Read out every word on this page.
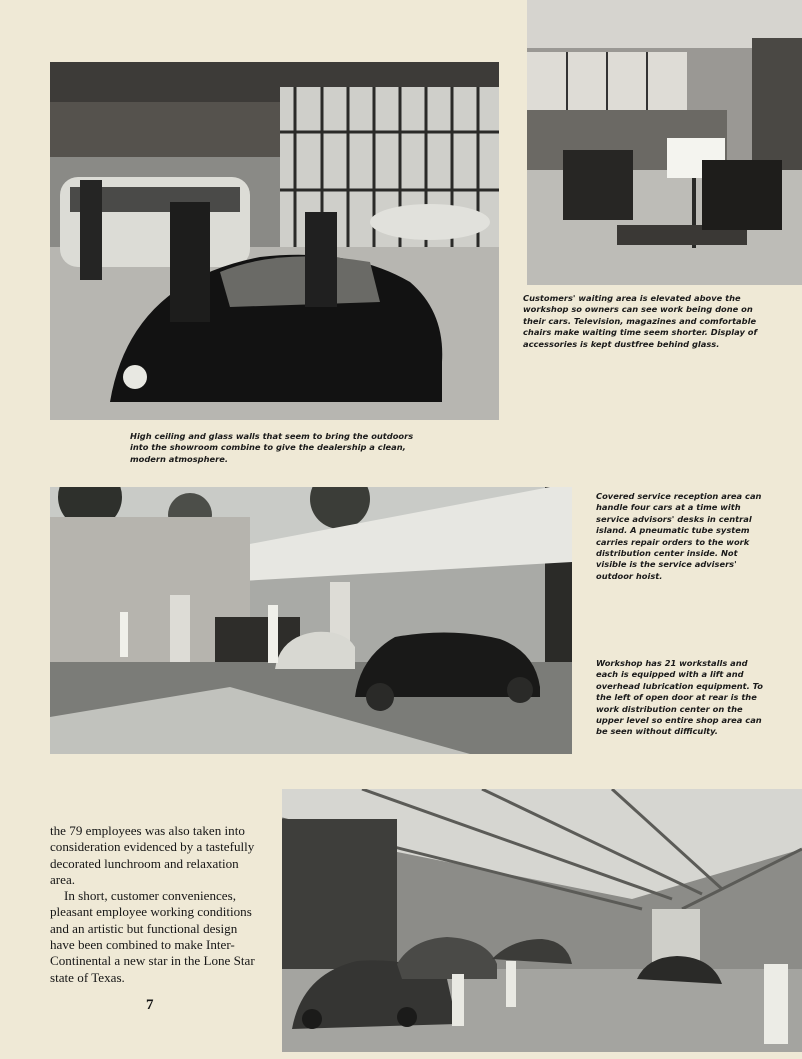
Customers' waiting area is elevated above the workshop so owners can see work being done on their cars. Television, magazines and comfortable chairs make waiting time seem shorter. Display of accessories is kept dustfree behind glass.

High ceiling and glass walls that seem to bring the outdoors into the showroom combine to give the dealership a clean, modern atmosphere.

Covered service reception area can handle four cars at a time with service advisors' desks in central island. A pneumatic tube system carries repair orders to the work distribution center inside. Not visible is the service advisers' outdoor hoist.

Workshop has 21 workstalls and each is equipped with a lift and overhead lubrication equipment. To the left of open door at rear is the work distribution center on the upper level so entire shop area can be seen without difficulty.

the 79 employees was also taken into consideration evidenced by a tastefully decorated lunchroom and relaxation area.

In short, customer conveniences, pleasant employee working conditions and an artistic but functional design have been combined to make Inter-Continental a new star in the Lone Star state of Texas.

7
